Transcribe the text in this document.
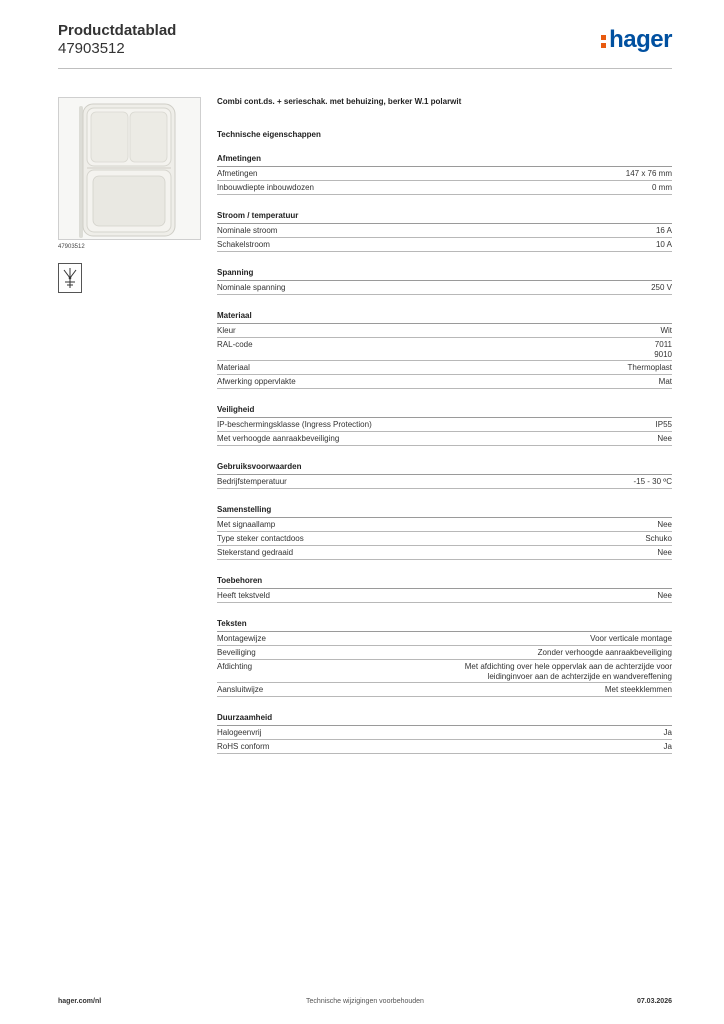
Productdatablad
47903512	hager
47903512
Combi cont.ds. + serieschak. met behuizing, berker W.1 polarwit
Technische eigenschappen
Afmetingen
Afmetingen	147 x 76 mm
Inbouwdiepte inbouwdozen	0 mm
Stroom / temperatuur
Nominale stroom	16 A
Schakelstroom	10 A
Spanning
Nominale spanning	250 V
Materiaal
Kleur	Wit
RAL-code	7011
9010
Materiaal	Thermoplast
Afwerking oppervlakte	Mat
Veiligheid
IP-beschermingsklasse (Ingress Protection)	IP55
Met verhoogde aanraakbeveiliging	Nee
Gebruiksvoorwaarden
Bedrijfstemperatuur	-15 - 30 ºC
Samenstelling
Met signaallamp	Nee
Type steker contactdoos	Schuko
Stekerstand gedraaid	Nee
Toebehoren
Heeft tekstveld	Nee
Teksten
Montagewijze	Voor verticale montage
Beveiliging	Zonder verhoogde aanraakbeveiliging
Afdichting	Met afdichting over hele oppervlak aan de achterzijde voor
leidinginvoer aan de achterzijde en wandvereffening
Aansluitwijze	Met steekklemmen
Duurzaamheid
Halogeenvrij	Ja
RoHS conform	Ja
hager.com/nl	Technische wijzigingen voorbehouden	07.03.2026
